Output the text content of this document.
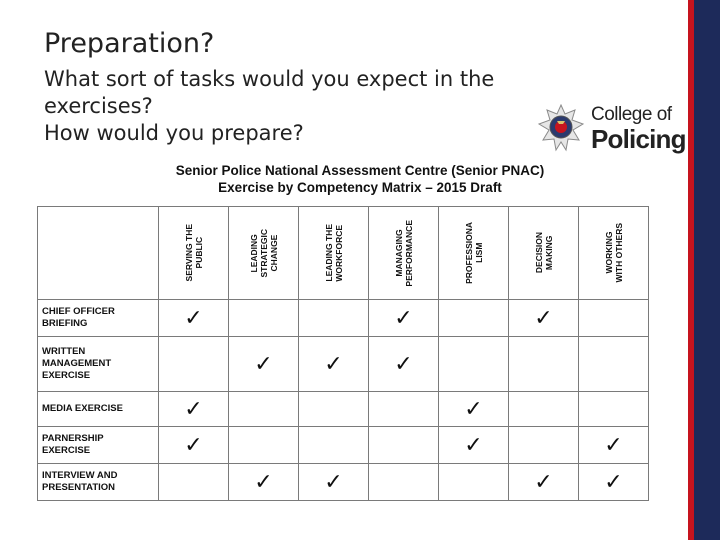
Preparation?
What sort of tasks would you expect in the
exercises?
How would you prepare?
College of
Policing
Senior Police National Assessment Centre (Senior PNAC)
Exercise by Competency Matrix – 2015 Draft

	SERVING THE
PUBLIC	LEADING
STRATEGIC
CHANGE	LEADING THE
WORKFORCE	MANAGING
PERFORMANCE	PROFESSIONA
LISM	DECISION
MAKING	WORKING
WITH OTHERS

CHIEF OFFICER
BRIEFING	✓			✓		✓	
WRITTEN
MANAGEMENT
EXERCISE		✓	✓	✓			
MEDIA EXERCISE	✓				✓		
PARNERSHIP
EXERCISE	✓				✓		✓
INTERVIEW AND
PRESENTATION		✓	✓			✓	✓
